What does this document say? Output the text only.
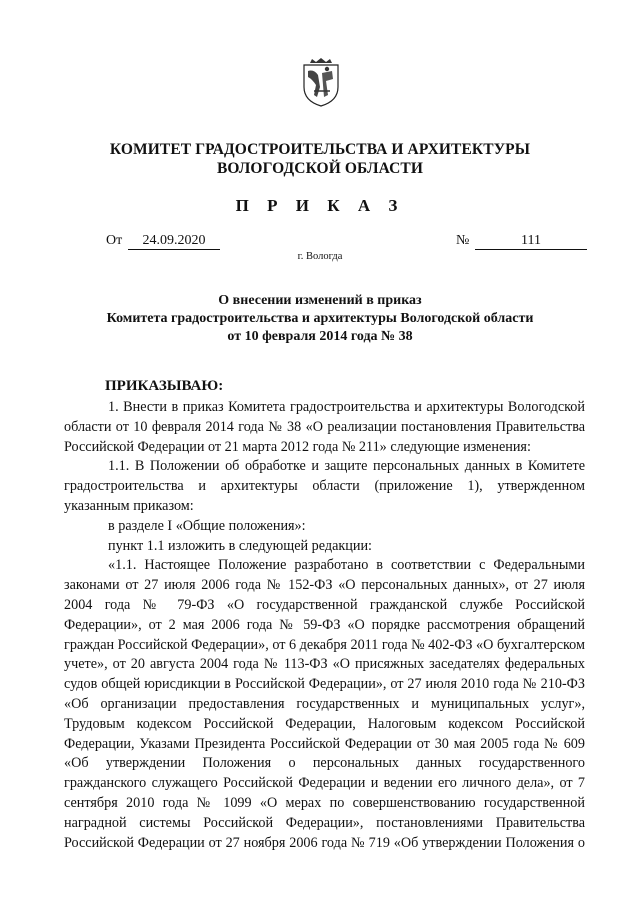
КОМИТЕТ ГРАДОСТРОИТЕЛЬСТВА И АРХИТЕКТУРЫ
ВОЛОГОДСКОЙ ОБЛАСТИ
П Р И К А З
От	24.09.2020	№	111
г. Вологда
О внесении изменений в приказ
Комитета градостроительства и архитектуры Вологодской области
от 10 февраля 2014 года № 38
ПРИКАЗЫВАЮ:

1. Внести в приказ Комитета градостроительства и архитектуры Вологодской области от 10 февраля 2014 года № 38 «О реализации постановления Правительства Российской Федерации от 21 марта 2012 года № 211» следующие изменения:

1.1. В Положении об обработке и защите персональных данных в Комитете градостроительства и архитектуры области (приложение 1), утвержденном указанным приказом:

в разделе I «Общие положения»:

пункт 1.1 изложить в следующей редакции:

«1.1. Настоящее Положение разработано в соответствии с Федеральными законами от 27 июля 2006 года № 152-ФЗ «О персональных данных», от 27 июля 2004 года № 79-ФЗ «О государственной гражданской службе Российской Федерации», от 2 мая 2006 года № 59-ФЗ «О порядке рассмотрения обращений граждан Российской Федерации», от 6 декабря 2011 года № 402-ФЗ «О бухгалтерском учете», от 20 августа 2004 года № 113-ФЗ «О присяжных заседателях федеральных судов общей юрисдикции в Российской Федерации», от 27 июля 2010 года № 210-ФЗ «Об организации предоставления государственных и муниципальных услуг», Трудовым кодексом Российской Федерации, Налоговым кодексом Российской Федерации, Указами Президента Российской Федерации от 30 мая 2005 года № 609 «Об утверждении Положения о персональных данных государственного гражданского служащего Российской Федерации и ведении его личного дела», от 7 сентября 2010 года № 1099 «О мерах по совершенствованию государственной наградной системы Российской Федерации», постановлениями Правительства Российской Федерации от 27 ноября 2006 года № 719 «Об утверждении Положения о
